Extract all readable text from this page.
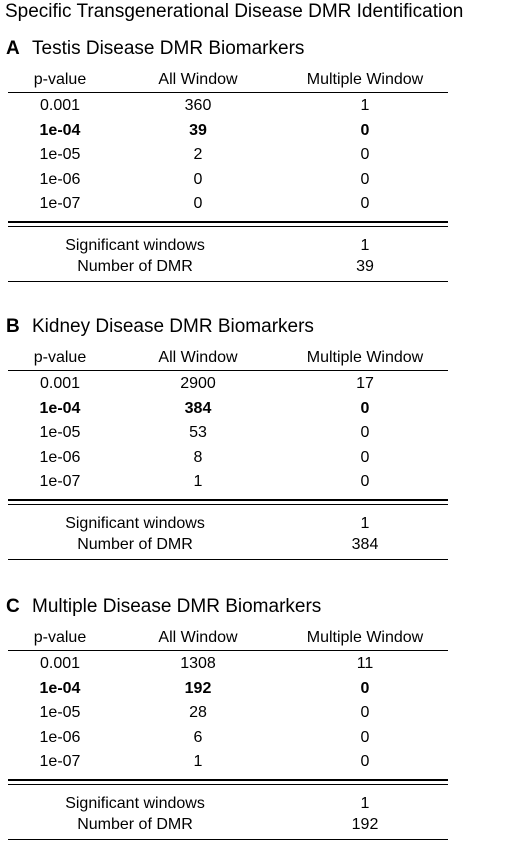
Specific Transgenerational Disease DMR Identification
A Testis Disease DMR Biomarkers
p-value	All Window	Multiple Window
0.001	360	1
1e-04	39	0
1e-05	2	0
1e-06	0	0
1e-07	0	0
Significant windows	1
Number of DMR	39
B Kidney Disease DMR Biomarkers
p-value	All Window	Multiple Window
0.001	2900	17
1e-04	384	0
1e-05	53	0
1e-06	8	0
1e-07	1	0
Significant windows	1
Number of DMR	384
C Multiple Disease DMR Biomarkers
p-value	All Window	Multiple Window
0.001	1308	11
1e-04	192	0
1e-05	28	0
1e-06	6	0
1e-07	1	0
Significant windows	1
Number of DMR	192
